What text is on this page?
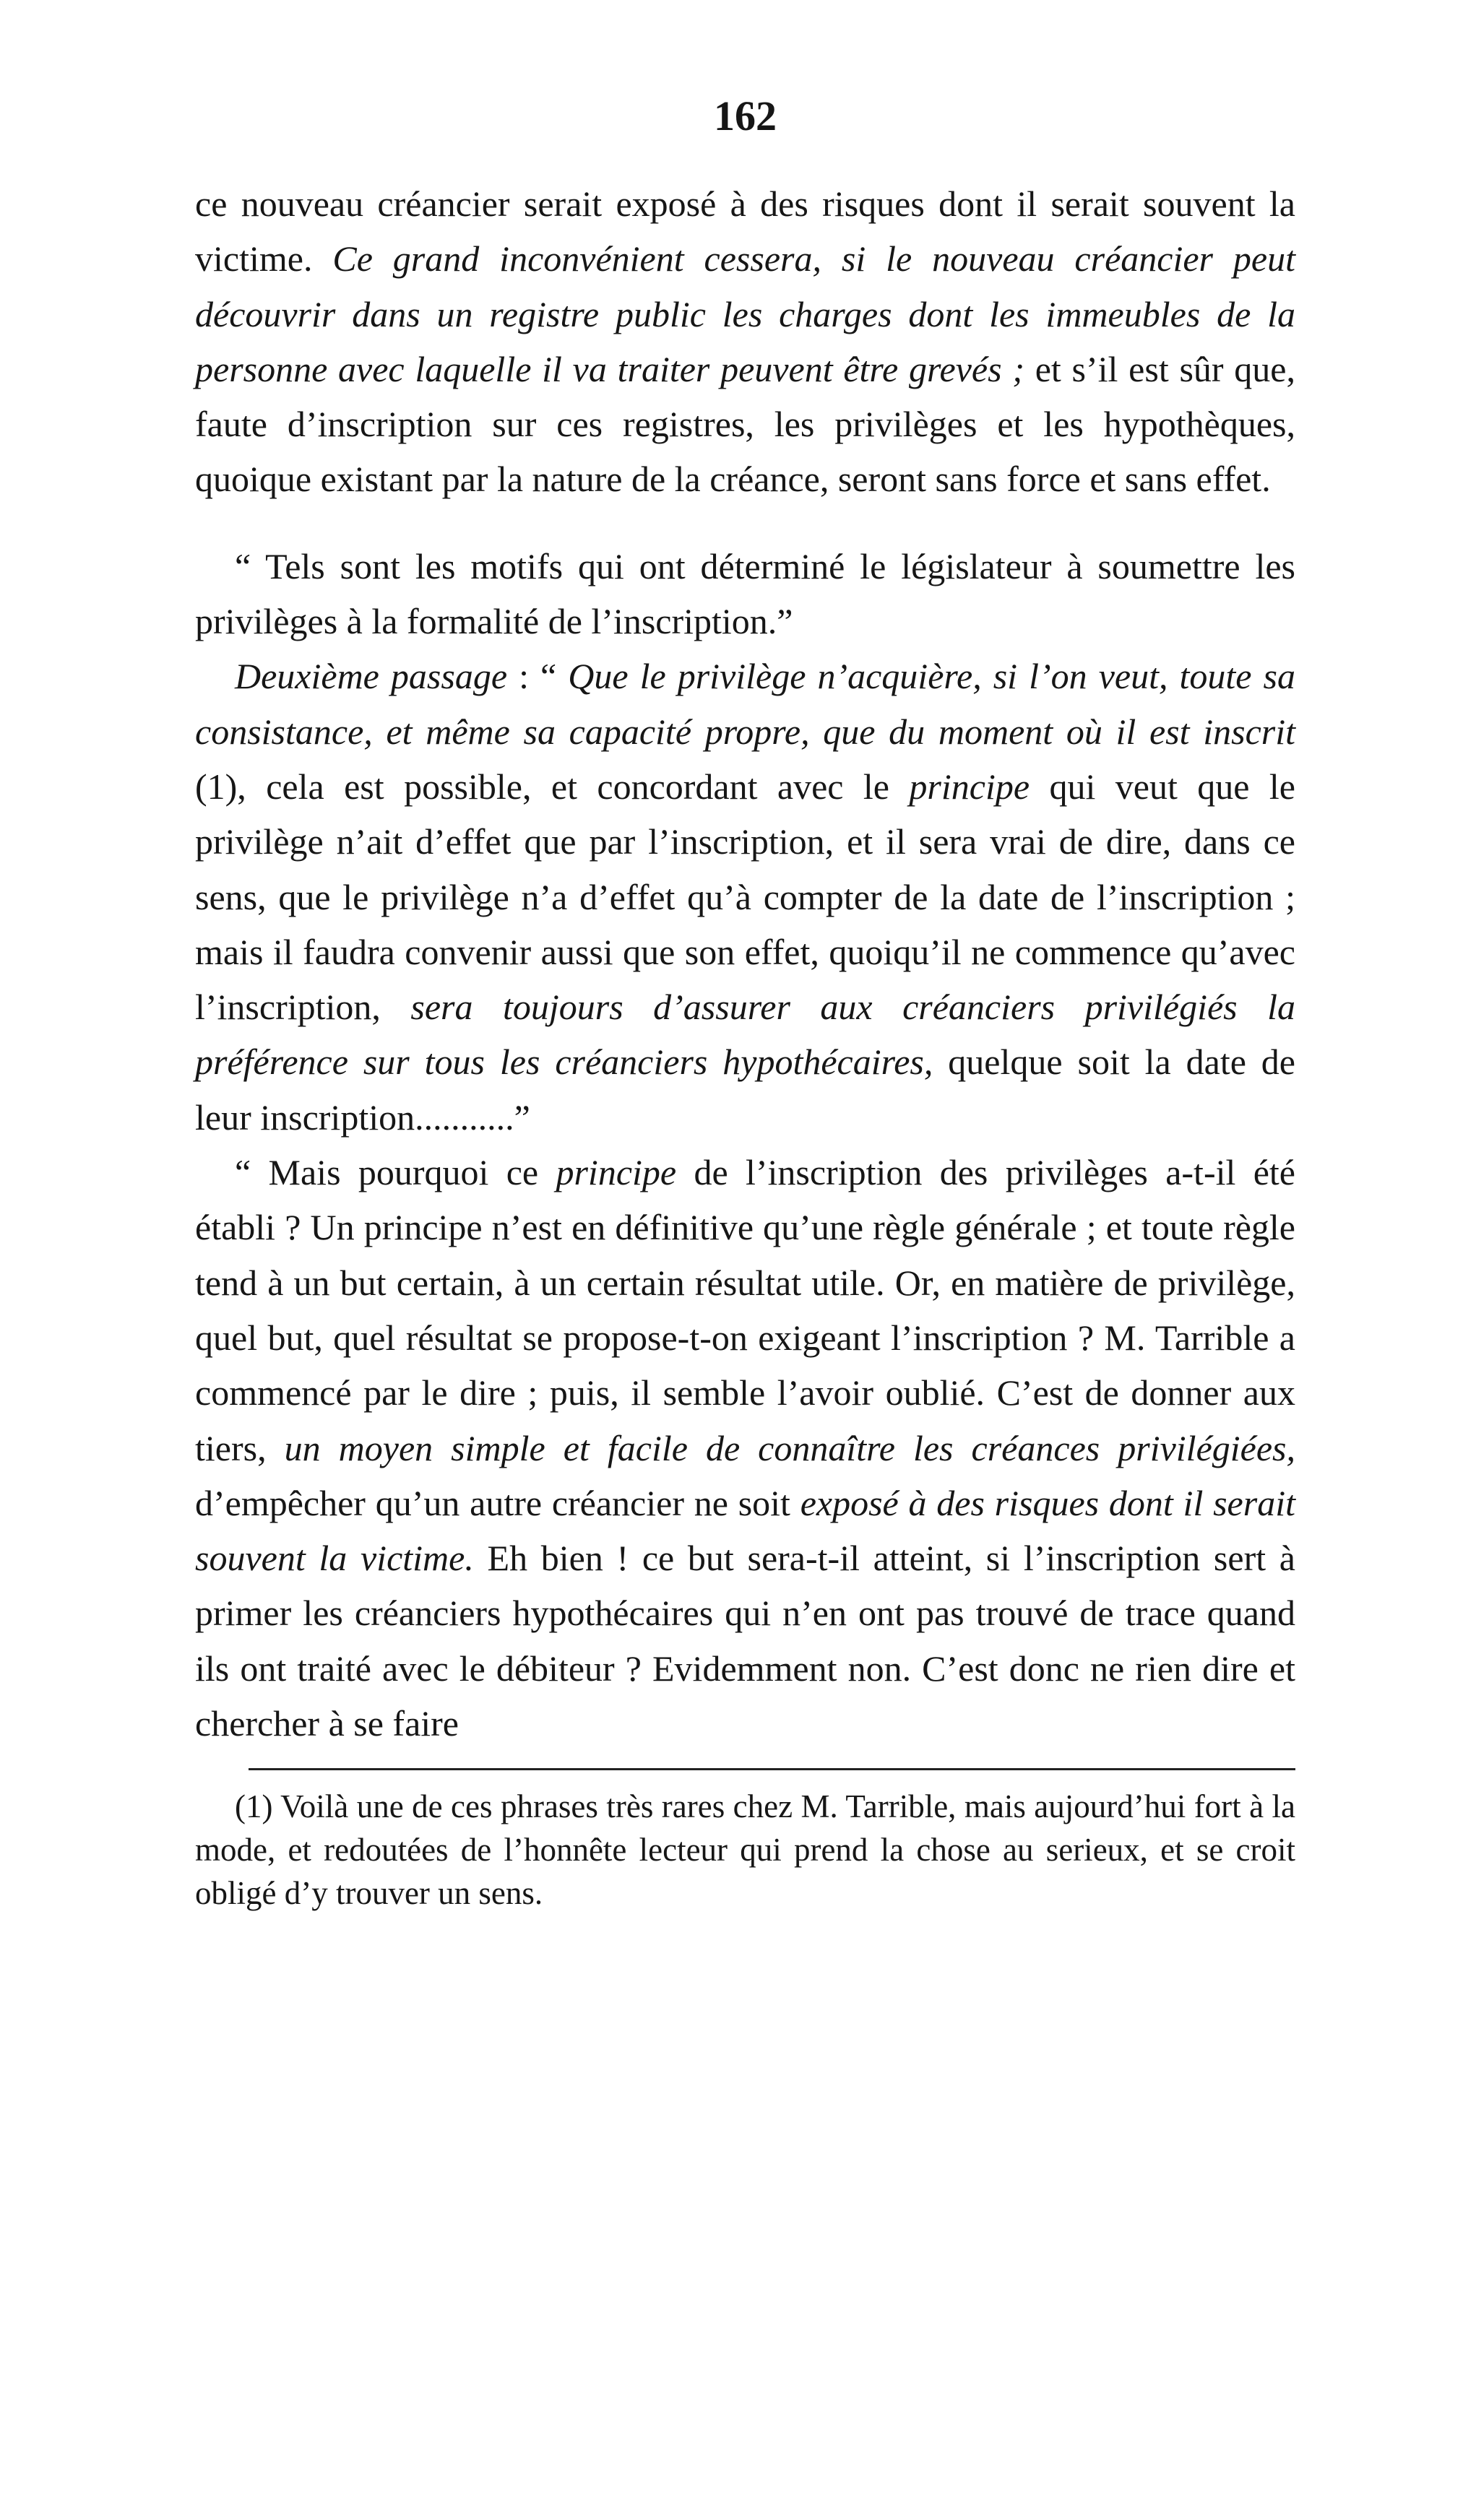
162

ce nouveau créancier serait exposé à des risques dont il serait souvent la victime. Ce grand inconvénient cessera, si le nouveau créancier peut découvrir dans un registre public les charges dont les immeubles de la personne avec laquelle il va traiter peuvent être grevés ; et s’il est sûr que, faute d’inscription sur ces registres, les privilèges et les hypothèques, quoique existant par la nature de la créance, seront sans force et sans effet.

“ Tels sont les motifs qui ont déterminé le législateur à soumettre les privilèges à la formalité de l’inscription.”

Deuxième passage : “ Que le privilège n’acquière, si l’on veut, toute sa consistance, et même sa capacité propre, que du moment où il est inscrit (1), cela est possible, et concordant avec le principe qui veut que le privilège n’ait d’effet que par l’inscription, et il sera vrai de dire, dans ce sens, que le privilège n’a d’effet qu’à compter de la date de l’inscription ; mais il faudra convenir aussi que son effet, quoiqu’il ne commence qu’avec l’inscription, sera toujours d’assurer aux créanciers privilégiés la préférence sur tous les créanciers hypothécaires, quelque soit la date de leur inscription...........”

“ Mais pourquoi ce principe de l’inscription des privilèges a-t-il été établi ? Un principe n’est en définitive qu’une règle générale ; et toute règle tend à un but certain, à un certain résultat utile. Or, en matière de privilège, quel but, quel résultat se propose-t-on exigeant l’inscription ? M. Tarrible a commencé par le dire ; puis, il semble l’avoir oublié. C’est de donner aux tiers, un moyen simple et facile de connaître les créances privilégiées, d’empêcher qu’un autre créancier ne soit exposé à des risques dont il serait souvent la victime. Eh bien ! ce but sera-t-il atteint, si l’inscription sert à primer les créanciers hypothécaires qui n’en ont pas trouvé de trace quand ils ont traité avec le débiteur ? Evidemment non. C’est donc ne rien dire et chercher à se faire

(1) Voilà une de ces phrases très rares chez M. Tarrible, mais aujourd’hui fort à la mode, et redoutées de l’honnête lecteur qui prend la chose au serieux, et se croit obligé d’y trouver un sens.
